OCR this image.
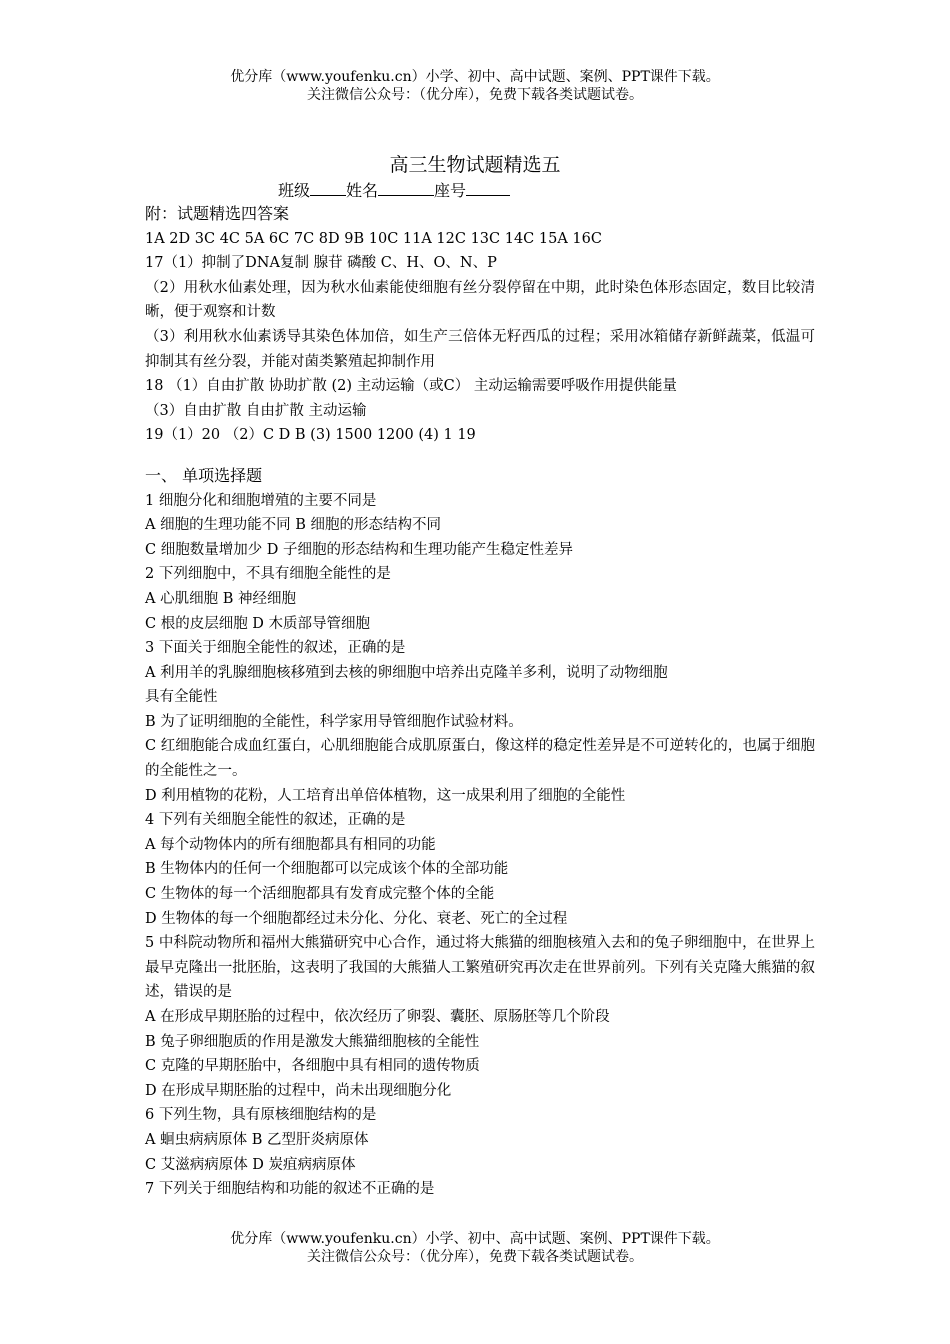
优分库（www.youfenku.cn）小学、初中、高中试题、案例、PPT课件下载。
关注微信公众号：（优分库），免费下载各类试题试卷。
高三生物试题精选五
班级 姓名	座号
附：试题精选四答案
1A 2D 3C 4C 5A 6C 7C 8D 9B 10C 11A 12C 13C 14C 15A 16C
17（1）抑制了DNA复制 腺苷 磷酸 C、H、O、N、P
（2）用秋水仙素处理，因为秋水仙素能使细胞有丝分裂停留在中期，此时染色体形态固定，数目比较清晰，便于观察和计数
（3）利用秋水仙素诱导其染色体加倍，如生产三倍体无籽西瓜的过程；采用冰箱储存新鲜蔬菜，低温可抑制其有丝分裂，并能对菌类繁殖起抑制作用
18 （1）自由扩散 协助扩散 (2) 主动运输（或C） 主动运输需要呼吸作用提供能量
（3）自由扩散 自由扩散 主动运输
19（1）20 （2）C D B (3) 1500 1200 (4) 1 19
一、 单项选择题
1 细胞分化和细胞增殖的主要不同是
A 细胞的生理功能不同 B 细胞的形态结构不同
C 细胞数量增加少 D 子细胞的形态结构和生理功能产生稳定性差异
2 下列细胞中，不具有细胞全能性的是
A 心肌细胞 B 神经细胞
C 根的皮层细胞 D 木质部导管细胞
3 下面关于细胞全能性的叙述，正确的是
A 利用羊的乳腺细胞核移殖到去核的卵细胞中培养出克隆羊多利，说明了动物细胞
具有全能性
B 为了证明细胞的全能性，科学家用导管细胞作试验材料。
C 红细胞能合成血红蛋白，心肌细胞能合成肌原蛋白，像这样的稳定性差异是不可逆转化的，也属于细胞的全能性之一。
D 利用植物的花粉，人工培育出单倍体植物，这一成果利用了细胞的全能性
4 下列有关细胞全能性的叙述，正确的是
A 每个动物体内的所有细胞都具有相同的功能
B 生物体内的任何一个细胞都可以完成该个体的全部功能
C 生物体的每一个活细胞都具有发育成完整个体的全能
D 生物体的每一个细胞都经过未分化、分化、衰老、死亡的全过程
5 中科院动物所和福州大熊猫研究中心合作，通过将大熊猫的细胞核殖入去和的兔子卵细胞中，在世界上最早克隆出一批胚胎，这表明了我国的大熊猫人工繁殖研究再次走在世界前列。下列有关克隆大熊猫的叙述，错误的是
A 在形成早期胚胎的过程中，依次经历了卵裂、囊胚、原肠胚等几个阶段
B 兔子卵细胞质的作用是激发大熊猫细胞核的全能性
C 克隆的早期胚胎中，各细胞中具有相同的遗传物质
D 在形成早期胚胎的过程中，尚未出现细胞分化
6 下列生物，具有原核细胞结构的是
A 蛔虫病病原体 B 乙型肝炎病原体
C 艾滋病病原体 D 炭疽病病原体
7 下列关于细胞结构和功能的叙述不正确的是
优分库（www.youfenku.cn）小学、初中、高中试题、案例、PPT课件下载。
关注微信公众号：（优分库），免费下载各类试题试卷。
